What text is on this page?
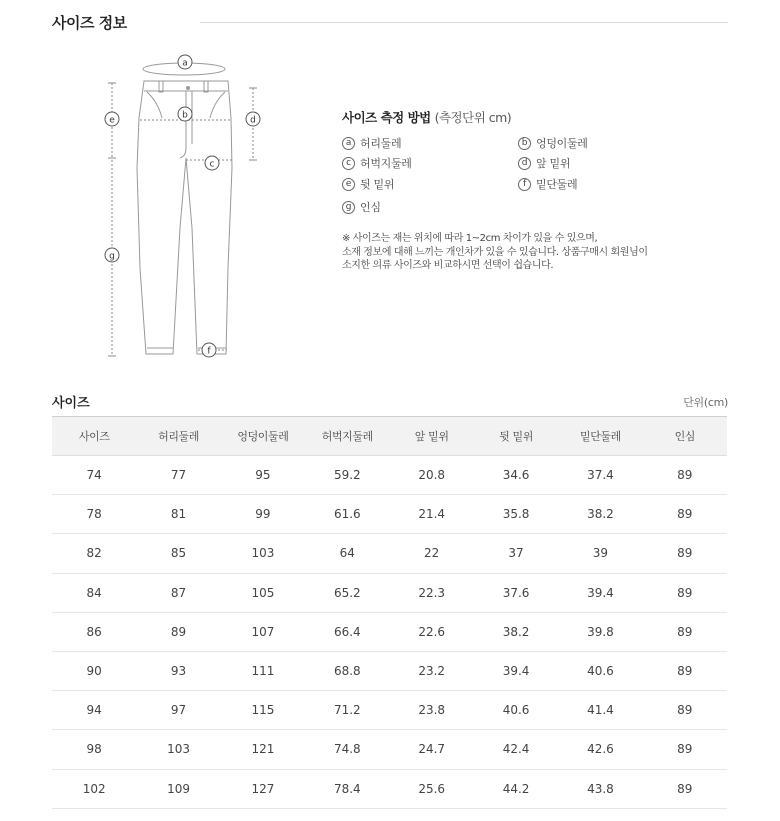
사이즈 정보
a
b
c
d
e
f
g
사이즈 측정 방법 (측정단위 cm)
a 허리둘레	b 엉덩이둘레
c 허벅지둘레	d 앞 밑위
e 뒷 밑위	f 밑단둘레
g 인심
※ 사이즈는 재는 위치에 따라 1~2cm 차이가 있을 수 있으며,
소재 정보에 대해 느끼는 개인차가 있을 수 있습니다. 상품구매시 회원님이
소지한 의류 사이즈와 비교하시면 선택이 쉽습니다.
사이즈	단위(cm)
사이즈	허리둘레	엉덩이둘레	허벅지둘레	앞 밑위	뒷 밑위	밑단둘레	인심
74	77	95	59.2	20.8	34.6	37.4	89
78	81	99	61.6	21.4	35.8	38.2	89
82	85	103	64	22	37	39	89
84	87	105	65.2	22.3	37.6	39.4	89
86	89	107	66.4	22.6	38.2	39.8	89
90	93	111	68.8	23.2	39.4	40.6	89
94	97	115	71.2	23.8	40.6	41.4	89
98	103	121	74.8	24.7	42.4	42.6	89
102	109	127	78.4	25.6	44.2	43.8	89
